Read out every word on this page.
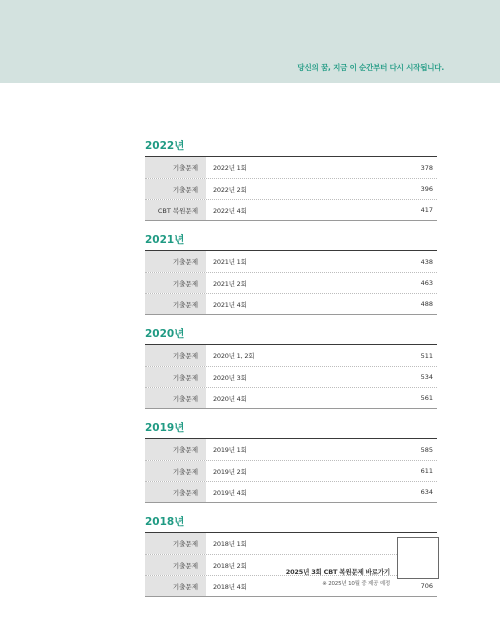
당신의 꿈, 지금 이 순간부터 다시 시작됩니다.
2022년
기출문제	2022년 1회	378
기출문제	2022년 2회	396
CBT 복원문제	2022년 4회	417
2021년
기출문제	2021년 1회	438
기출문제	2021년 2회	463
기출문제	2021년 4회	488
2020년
기출문제	2020년 1, 2회	511
기출문제	2020년 3회	534
기출문제	2020년 4회	561
2019년
기출문제	2019년 1회	585
기출문제	2019년 2회	611
기출문제	2019년 4회	634
2018년
기출문제	2018년 1회
기출문제	2018년 2회
기출문제	2018년 4회	706
2025년 3회 CBT 복원문제 바로가기
※ 2025년 10월 중 제공 예정
